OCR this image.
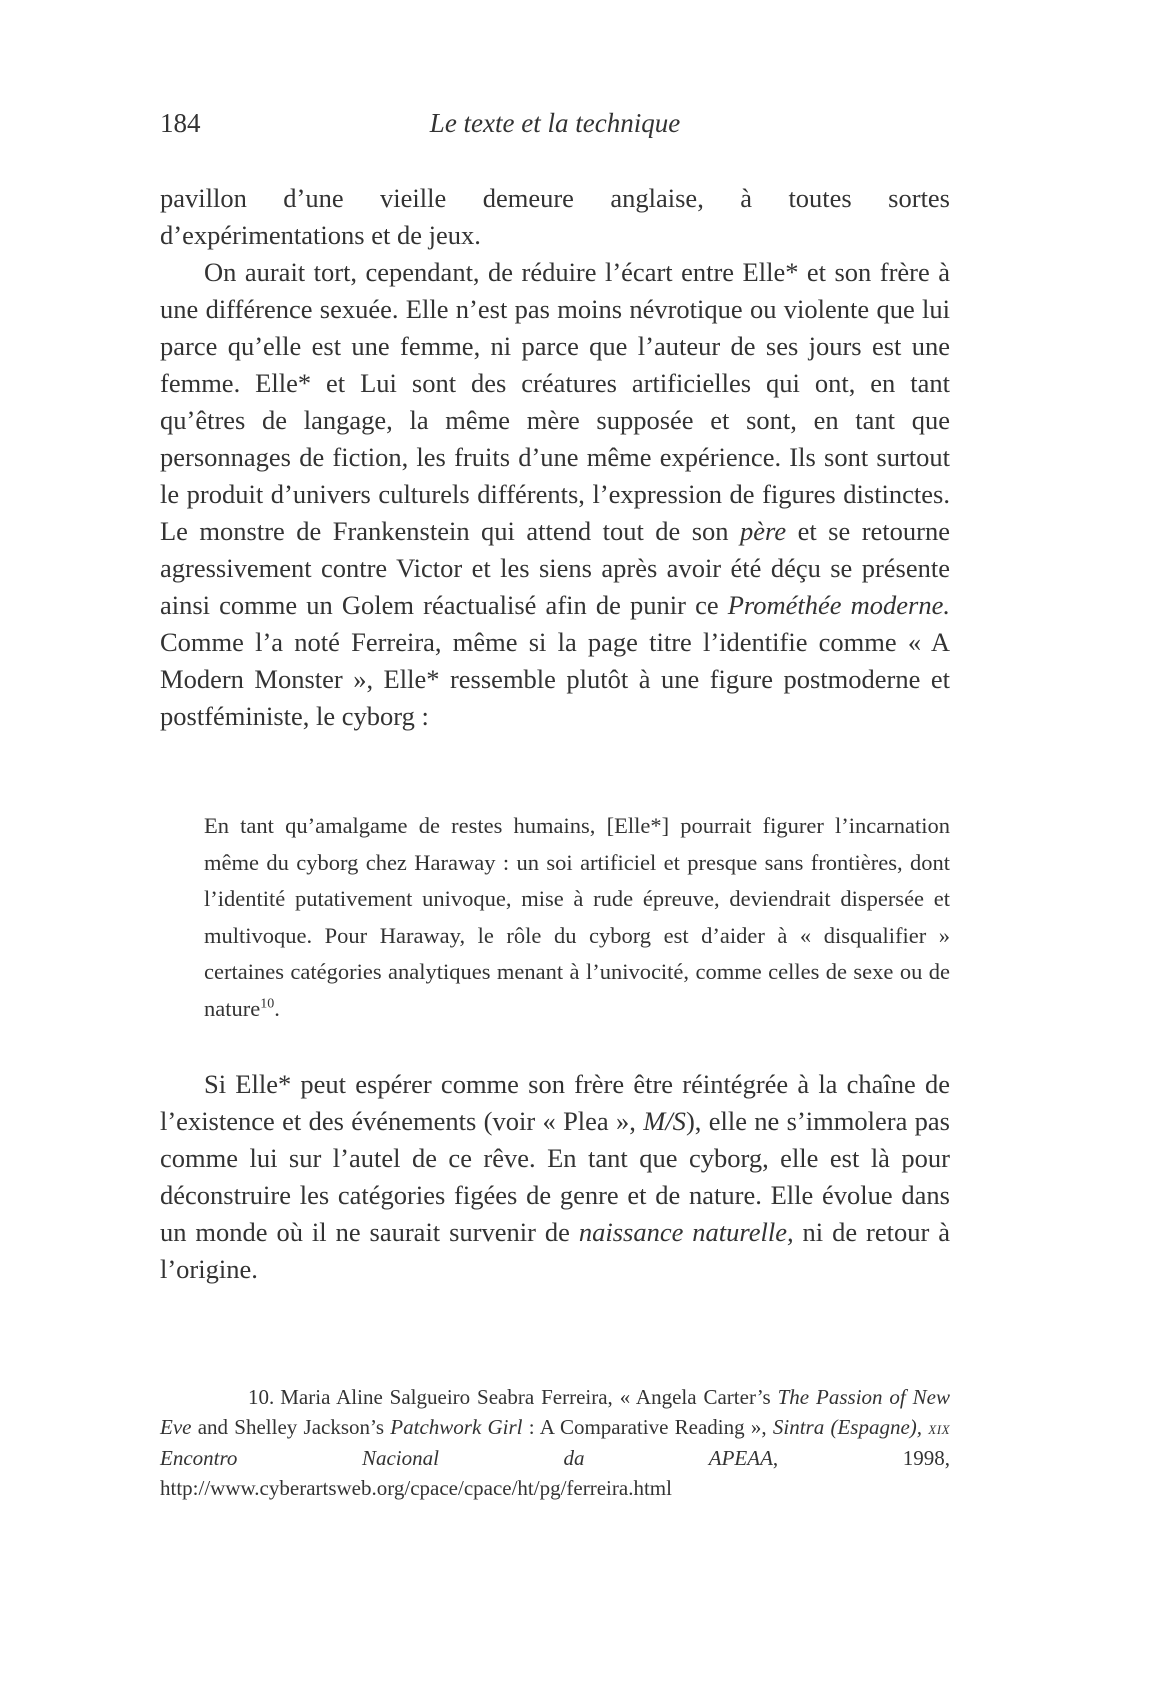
184	Le texte et la technique

pavillon d’une vieille demeure anglaise, à toutes sortes d’expérimentations et de jeux.

On aurait tort, cependant, de réduire l’écart entre Elle* et son frère à une différence sexuée. Elle n’est pas moins névrotique ou violente que lui parce qu’elle est une femme, ni parce que l’auteur de ses jours est une femme. Elle* et Lui sont des créatures artificielles qui ont, en tant qu’êtres de langage, la même mère supposée et sont, en tant que personnages de fiction, les fruits d’une même expérience. Ils sont surtout le produit d’univers culturels différents, l’expression de figures distinctes. Le monstre de Frankenstein qui attend tout de son père et se retourne agressivement contre Victor et les siens après avoir été déçu se présente ainsi comme un Golem réactualisé afin de punir ce Prométhée moderne. Comme l’a noté Ferreira, même si la page titre l’identifie comme « A Modern Monster », Elle* ressemble plutôt à une figure postmoderne et postféministe, le cyborg :

En tant qu’amalgame de restes humains, [Elle*] pourrait figurer l’incarnation même du cyborg chez Haraway : un soi artificiel et presque sans frontières, dont l’identité putativement univoque, mise à rude épreuve, deviendrait dispersée et multivoque. Pour Haraway, le rôle du cyborg est d’aider à « disqualifier » certaines catégories analytiques menant à l’univocité, comme celles de sexe ou de nature$^{10}$.

Si Elle* peut espérer comme son frère être réintégrée à la chaîne de l’existence et des événements (voir « Plea », M/S), elle ne s’immolera pas comme lui sur l’autel de ce rêve. En tant que cyborg, elle est là pour déconstruire les catégories figées de genre et de nature. Elle évolue dans un monde où il ne saurait survenir de naissance naturelle, ni de retour à l’origine.

10. Maria Aline Salgueiro Seabra Ferreira, « Angela Carter’s The Passion of New Eve and Shelley Jackson’s Patchwork Girl : A Comparative Reading », Sintra (Espagne), xix Encontro Nacional da APEAA, 1998, http://www.cyberartsweb.org/cpace/cpace/ht/pg/ferreira.html
